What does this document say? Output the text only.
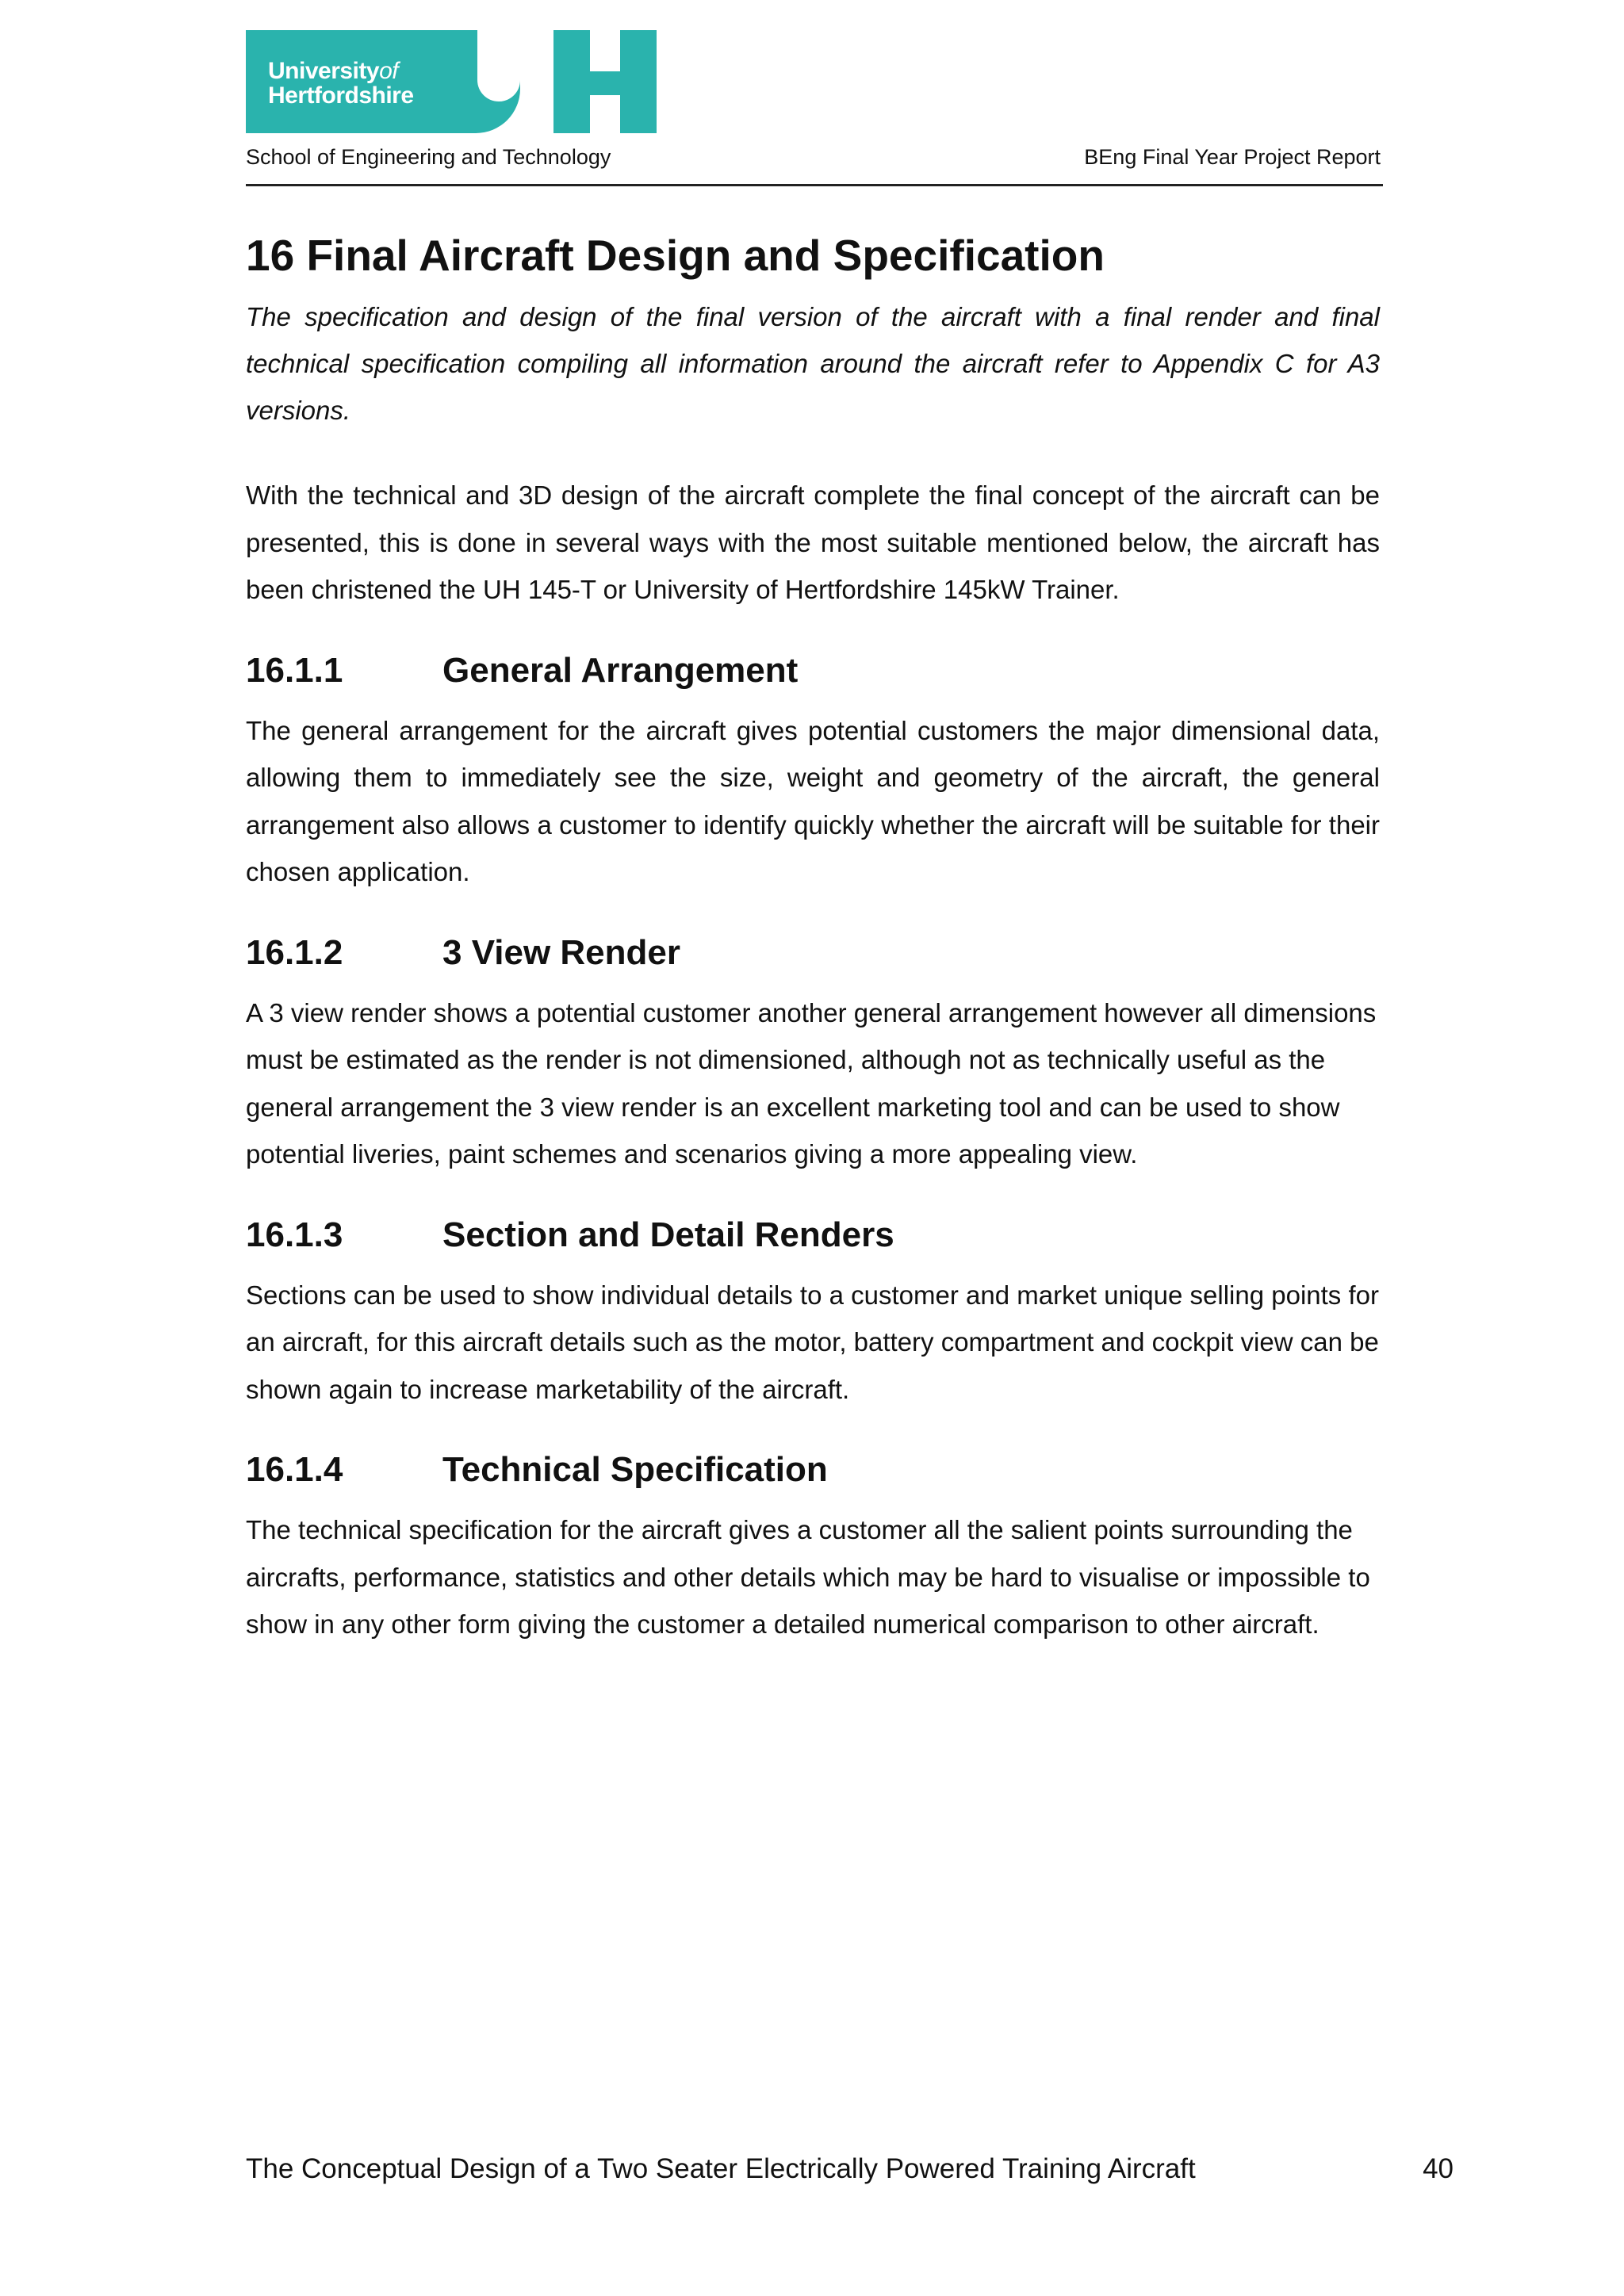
Universityof
Hertfordshire
School of Engineering and Technology	BEng Final Year Project Report
16 Final Aircraft Design and Specification

The specification and design of the final version of the aircraft with a final render and final technical specification compiling all information around the aircraft refer to Appendix C for A3 versions.

With the technical and 3D design of the aircraft complete the final concept of the aircraft can be presented, this is done in several ways with the most suitable mentioned below, the aircraft has been christened the UH 145-T or University of Hertfordshire 145kW Trainer.

16.1.1	General Arrangement

The general arrangement for the aircraft gives potential customers the major dimensional data, allowing them to immediately see the size, weight and geometry of the aircraft, the general arrangement also allows a customer to identify quickly whether the aircraft will be suitable for their chosen application.

16.1.2	3 View Render

A 3 view render shows a potential customer another general arrangement however all dimensions must be estimated as the render is not dimensioned, although not as technically useful as the general arrangement the 3 view render is an excellent marketing tool and can be used to show potential liveries, paint schemes and scenarios giving a more appealing view.

16.1.3	Section and Detail Renders

Sections can be used to show individual details to a customer and market unique selling points for an aircraft, for this aircraft details such as the motor, battery compartment and cockpit view can be shown again to increase marketability of the aircraft.

16.1.4	Technical Specification

The technical specification for the aircraft gives a customer all the salient points surrounding the aircrafts, performance, statistics and other details which may be hard to visualise or impossible to show in any other form giving the customer a detailed numerical comparison to other aircraft.

The Conceptual Design of a Two Seater Electrically Powered Training Aircraft	40
